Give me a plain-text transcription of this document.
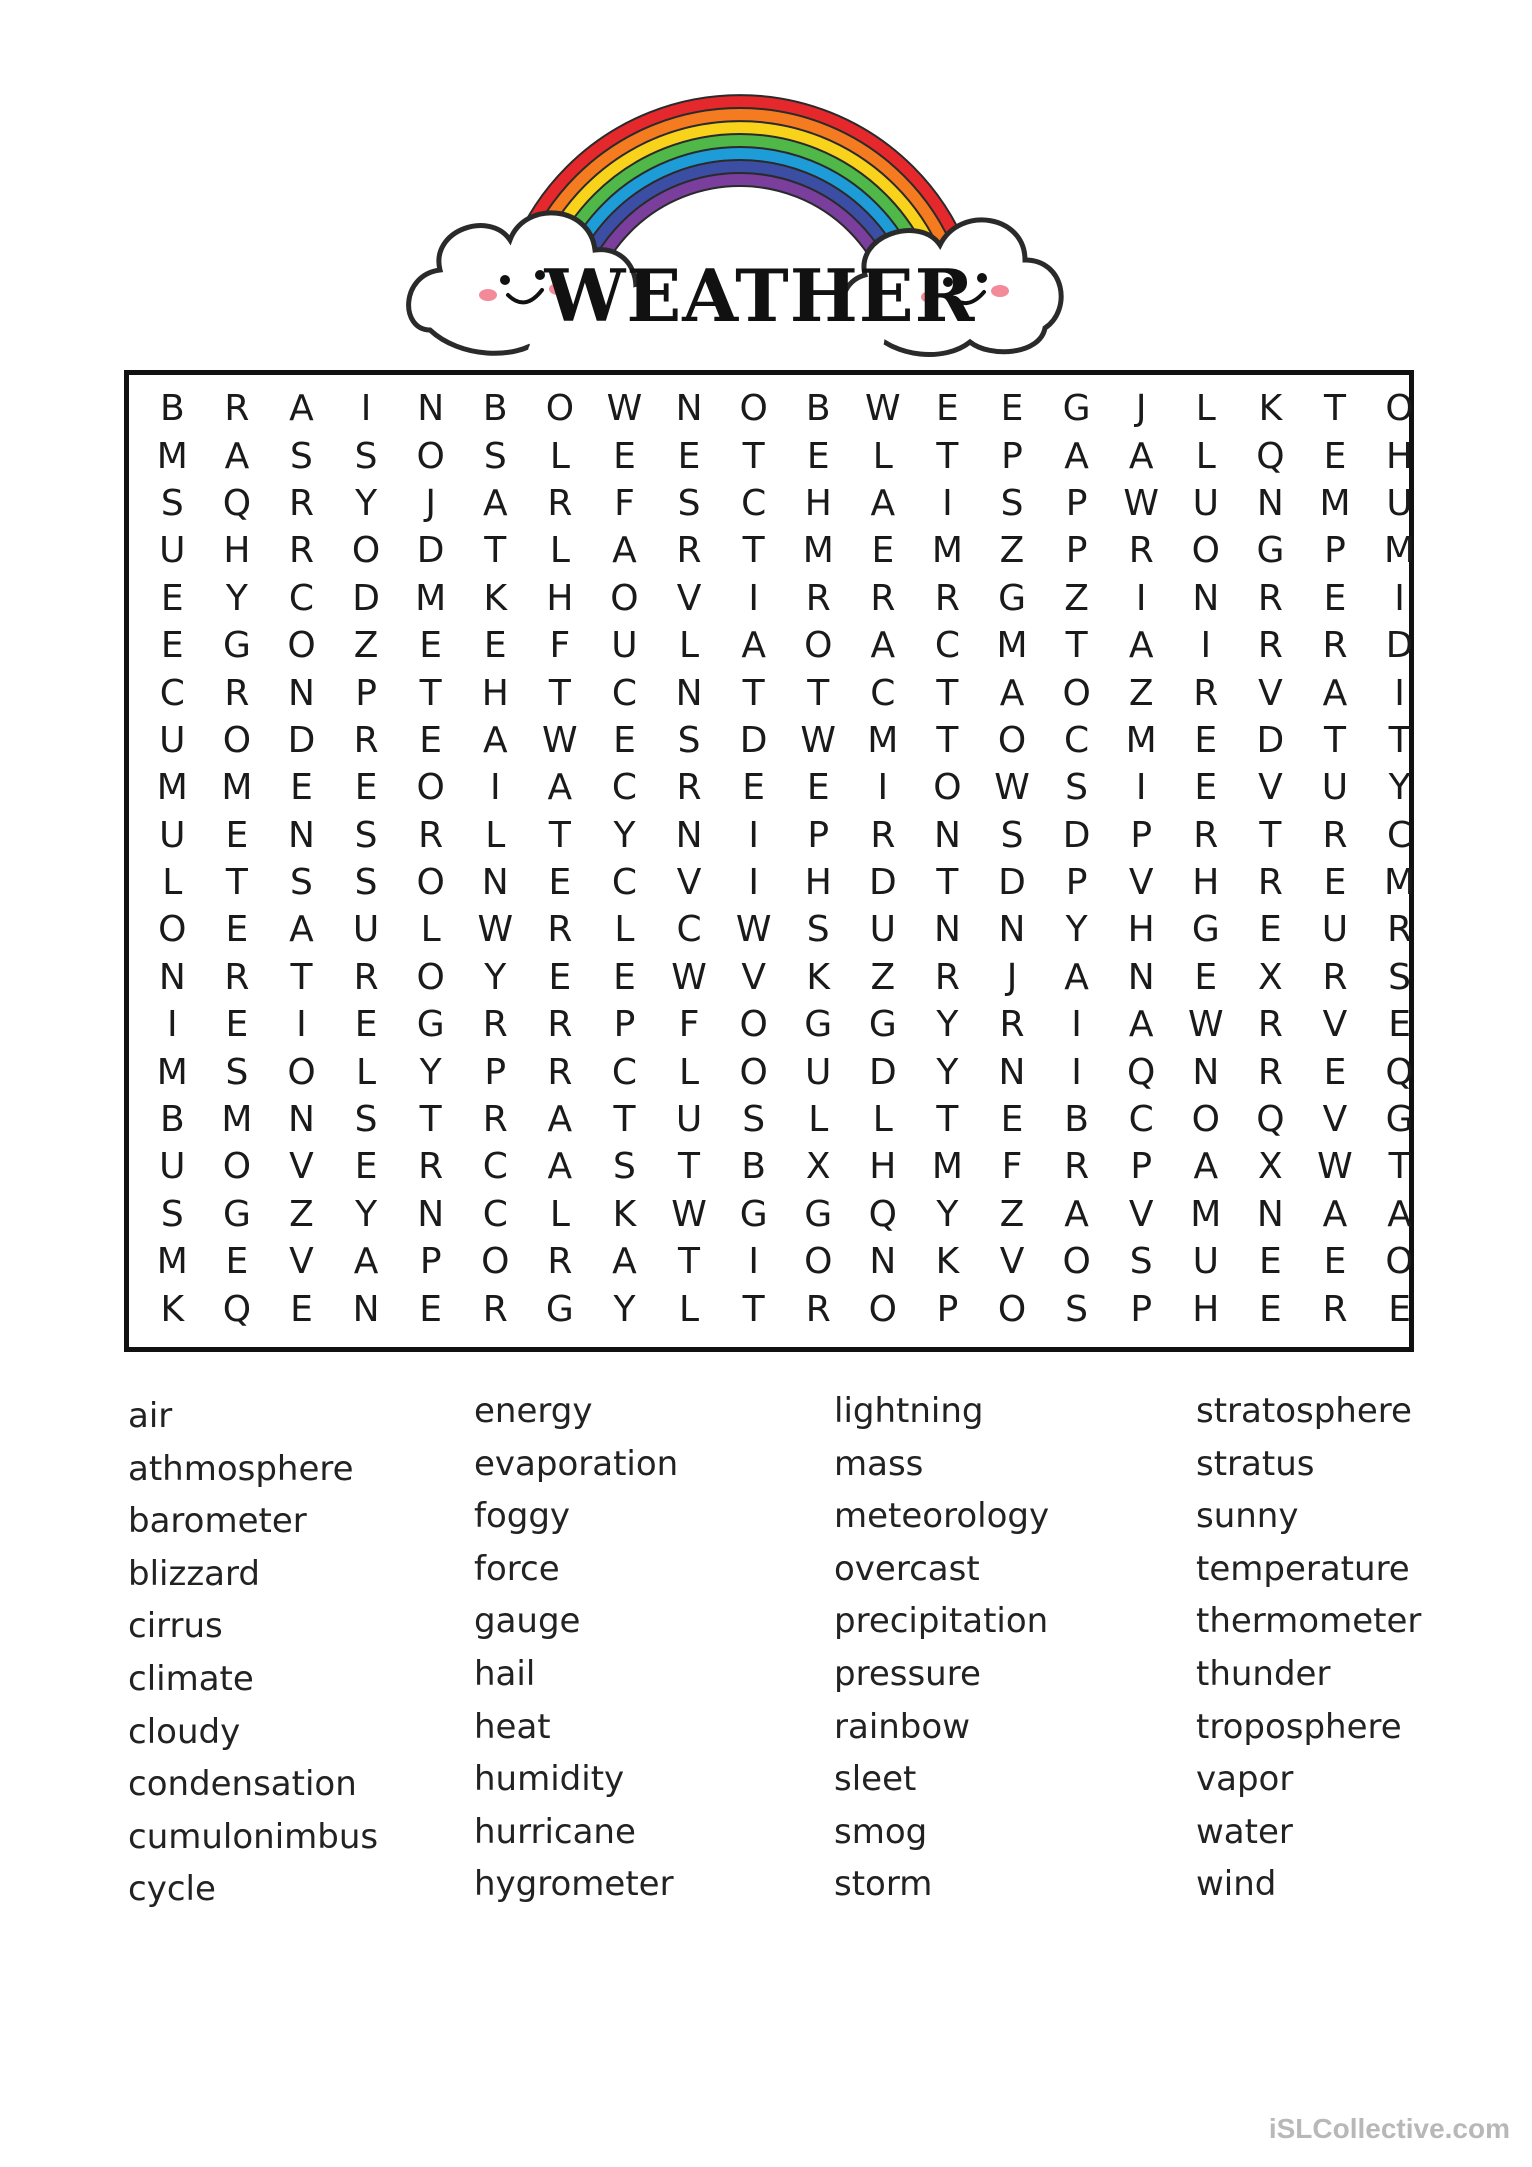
WEATHER
B	R	A	I	N	B	O W N	O	B W E	E	G	J	L	K	T	O
M	A	S	S	O	S	L	E	E	T	E	L	T	P	A	A	L	Q	E	H
S	Q	R	Y	J	A	R	F	S	C	H	A	I	S	P W U	N M U
U	H	R	O	D	T	L	A	R	T	M	E	M	Z	P	R	O	G	P	M
E	Y	C	D M	K	H	O	V	I	R	R	R	G	Z	I	N	R	E	I
E	G	O	Z	E	E	F	U	L	A	O	A	C	M	T	A	I	R	R	D
C	R	N	P	T	H	T	C	N	T	T	C	T	A	O	Z	R	V	A	I
U	O	D	R	E	A W E	S	D W M	T	O	C	M	E	D	T	T
M M	E	E	O	I	A	C	R	E	E	I	O W S	I	E	V	U	Y
U	E	N	S	R	L	T	Y	N	I	P	R	N	S	D	P	R	T	R	C
L	T	S	S	O	N	E	C	V	I	H	D	T	D	P	V	H	R	E	M
O	E	A	U	L	W R	L	C W S	U	N	N	Y	H	G	E	U	R
N	R	T	R	O	Y	E	E W V	K	Z	R	J	A	N	E	X	R	S
I	E	I	E	G	R	R	P	F	O	G	G	Y	R	I	A W R	V	E
M	S	O	L	Y	P	R	C	L	O	U	D	Y	N	I	Q	N	R	E	Q
B	M N	S	T	R	A	T	U	S	L	L	T	E	B	C	O	Q	V	G
U	O	V	E	R	C	A	S	T	B	X	H M	F	R	P	A	X W T
S	G	Z	Y	N	C	L	K W G	G	Q	Y	Z	A	V	M N	A	A
M	E	V	A	P	O	R	A	T	I	O	N	K	V	O	S	U	E	E	O
K	Q	E	N	E	R	G	Y	L	T	R	O	P	O	S	P	H	E	R	E
air
athmosphere
barometer
blizzard
cirrus
climate
cloudy
condensation
cumulonimbus
cycle
energy
evaporation
foggy
force
gauge
hail
heat
humidity
hurricane
hygrometer
lightning
mass
meteorology
overcast
precipitation
pressure
rainbow
sleet
smog
storm
stratosphere
stratus
sunny
temperature
thermometer
thunder
troposphere
vapor
water
wind
iSLCollective.com
